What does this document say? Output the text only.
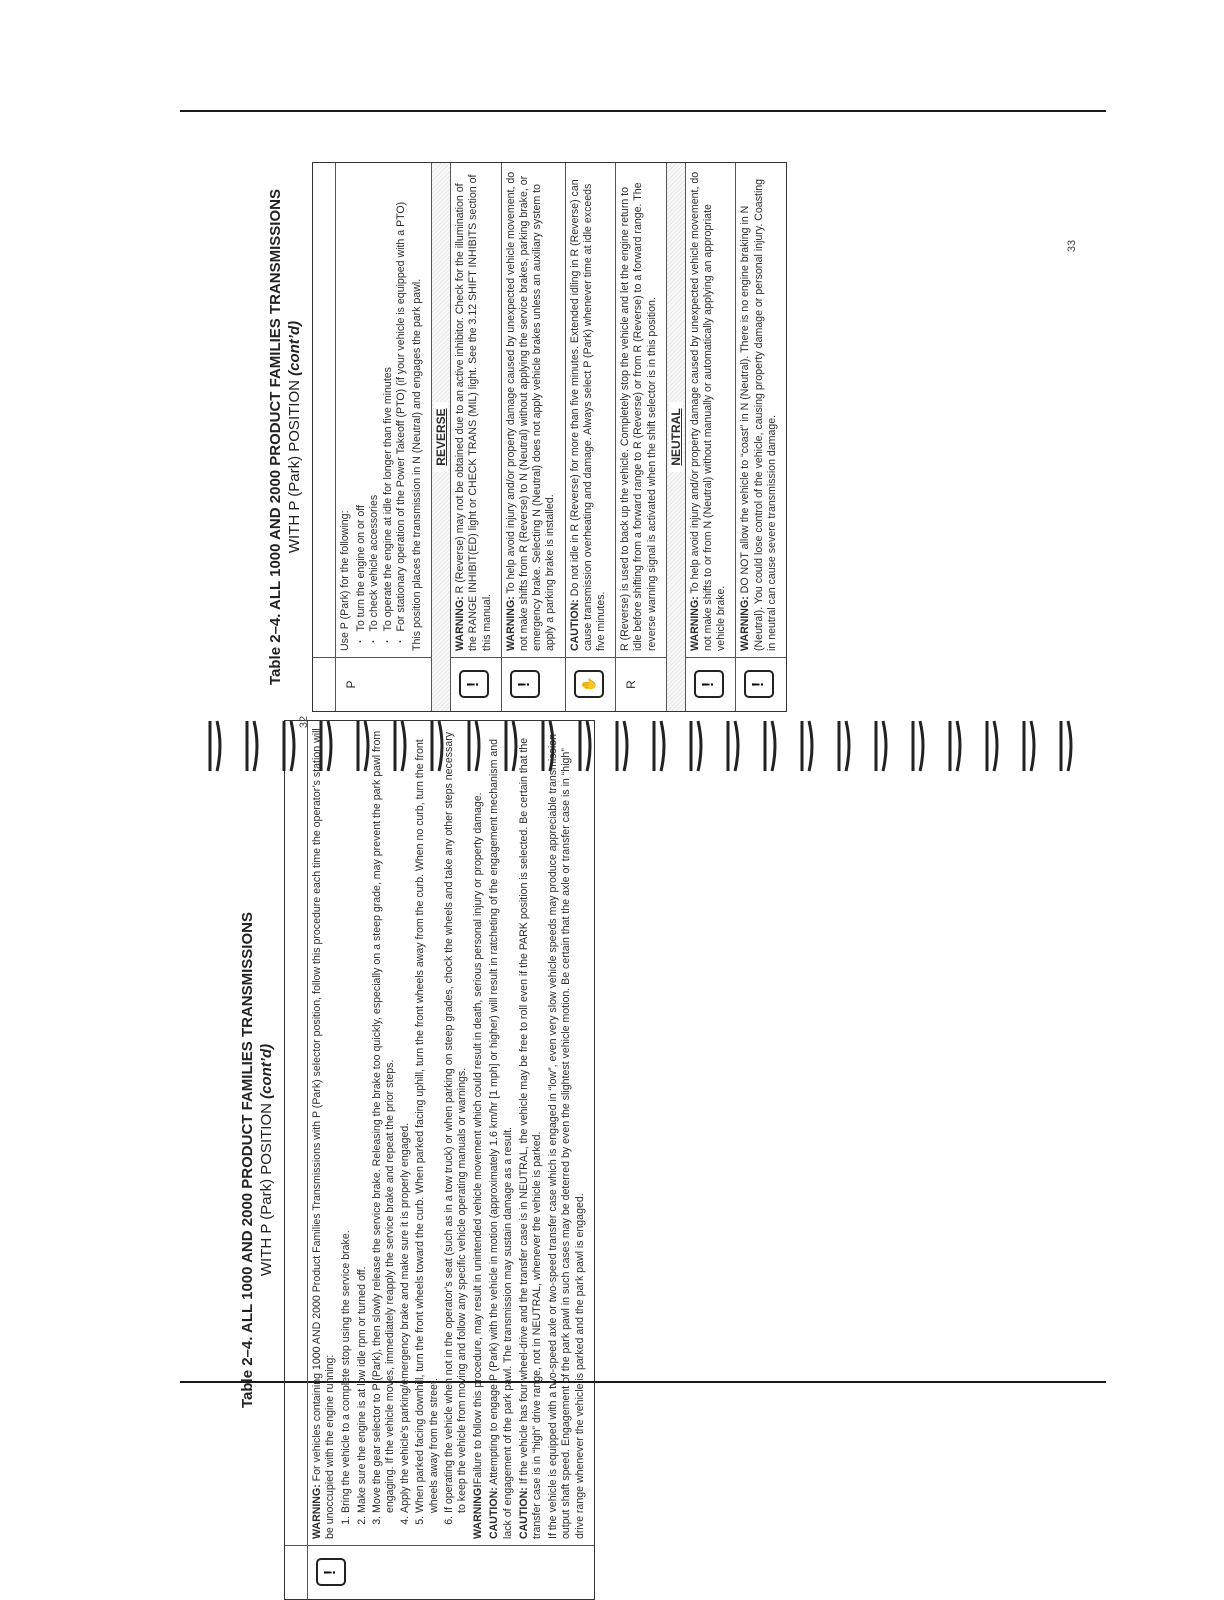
Table 2–4. ALL 1000 AND 2000 PRODUCT FAMILIES TRANSMISSIONS WITH P (Park) POSITION (cont’d)
!

WARNING: For vehicles containing 1000 AND 2000 Product Families Transmissions with P (Park) selector position, follow this procedure each time the operator’s station will be unoccupied with the engine running: 1. Bring the vehicle to a complete stop using the service brake. 2. Make sure the engine is at low idle rpm or turned off. 3. Move the gear selector to P (Park), then slowly release the service brake. Releasing the brake too quickly, especially on a steep grade, may prevent the park pawl from engaging. If the vehicle moves, immediately reapply the service brake and repeat the prior steps. 4. Apply the vehicle’s parking/emergency brake and make sure it is properly engaged. 5. When parked facing downhill, turn the front wheels toward the curb. When parked facing uphill, turn the front wheels away from the curb. When no curb, turn the front wheels away from the street. 6. If operating the vehicle when not in the operator’s seat (such as in a tow truck) or when parking on steep grades, chock the wheels and take any other steps necessary to keep the vehicle from moving and follow any specific vehicle operating manuals or warnings. WARNING!Failure to follow this procedure, may result in unintended vehicle movement which could result in death, serious personal injury or property damage.

CAUTION: Attempting to engage P (Park) with the vehicle in motion (approximately 1.6 km/hr [1 mph] or higher) will result in ratcheting of the engagement mechanism and lack of engagement of the park pawl. The transmission may sustain damage as a result. CAUTION: If the vehicle has four-wheel-drive and the transfer case is in NEUTRAL, the vehicle may be free to roll even if the PARK position is selected. Be certain that the transfer case is in “high” drive range, not in NEUTRAL, whenever the vehicle is parked. If the vehicle is equipped with a two-speed axle or two-speed transfer case which is engaged in “low”, even very slow vehicle speeds may produce appreciable transmission output shaft speed. Engagement of the park pawl in such cases may be deterred by even the slightest vehicle motion. Be certain that the axle or transfer case is in “high” drive range whenever the vehicle is parked and the park pawl is engaged.

Table 2–4. ALL 1000 AND 2000 PRODUCT FAMILIES TRANSMISSIONS WITH P (Park) POSITION (cont’d)
P

Use P (Park) for the following: · To turn the engine on or off · To check vehicle accessories · To operate the engine at idle for longer than five minutes · For stationary operation of the Power Takeoff (PTO) (if your vehicle is equipped with a PTO) This position places the transmission in N (Neutral) and engages the park pawl. REVERSE
!

WARNING: R (Reverse) may not be obtained due to an active inhibitor. Check for the illumination of the RANGE INHIBIT(ED) light or CHECK TRANS (MIL) light. See the 3.12 SHIFT INHIBITS section of this manual.

!

WARNING: To help avoid injury and/or property damage caused by unexpected vehicle movement, do not make shifts from R (Reverse) to N (Neutral) without applying the service brakes, parking brake, or emergency brake. Selecting N (Neutral) does not apply vehicle brakes unless an auxiliary system to apply a parking brake is installed.

✋

CAUTION: Do not idle in R (Reverse) for more than five minutes. Extended idling in R (Reverse) can cause transmission overheating and damage. Always select P (Park) whenever time at idle exceeds five minutes.

R

R (Reverse) is used to back up the vehicle. Completely stop the vehicle and let the engine return to idle before shifting from a forward range to R (Reverse) or from R (Reverse) to a forward range. The reverse warning signal is activated when the shift selector is in this position. NEUTRAL
!

WARNING: To help avoid injury and/or property damage caused by unexpected vehicle movement, do not make shifts to or from N (Neutral) without manually or automatically applying an appropriate vehicle brake.

!

WARNING: DO NOT allow the vehicle to “coast” in N (Neutral). There is no engine braking in N (Neutral). You could lose control of the vehicle, causing property damage or personal injury. Coasting in neutral can cause severe transmission damage.

32
33
